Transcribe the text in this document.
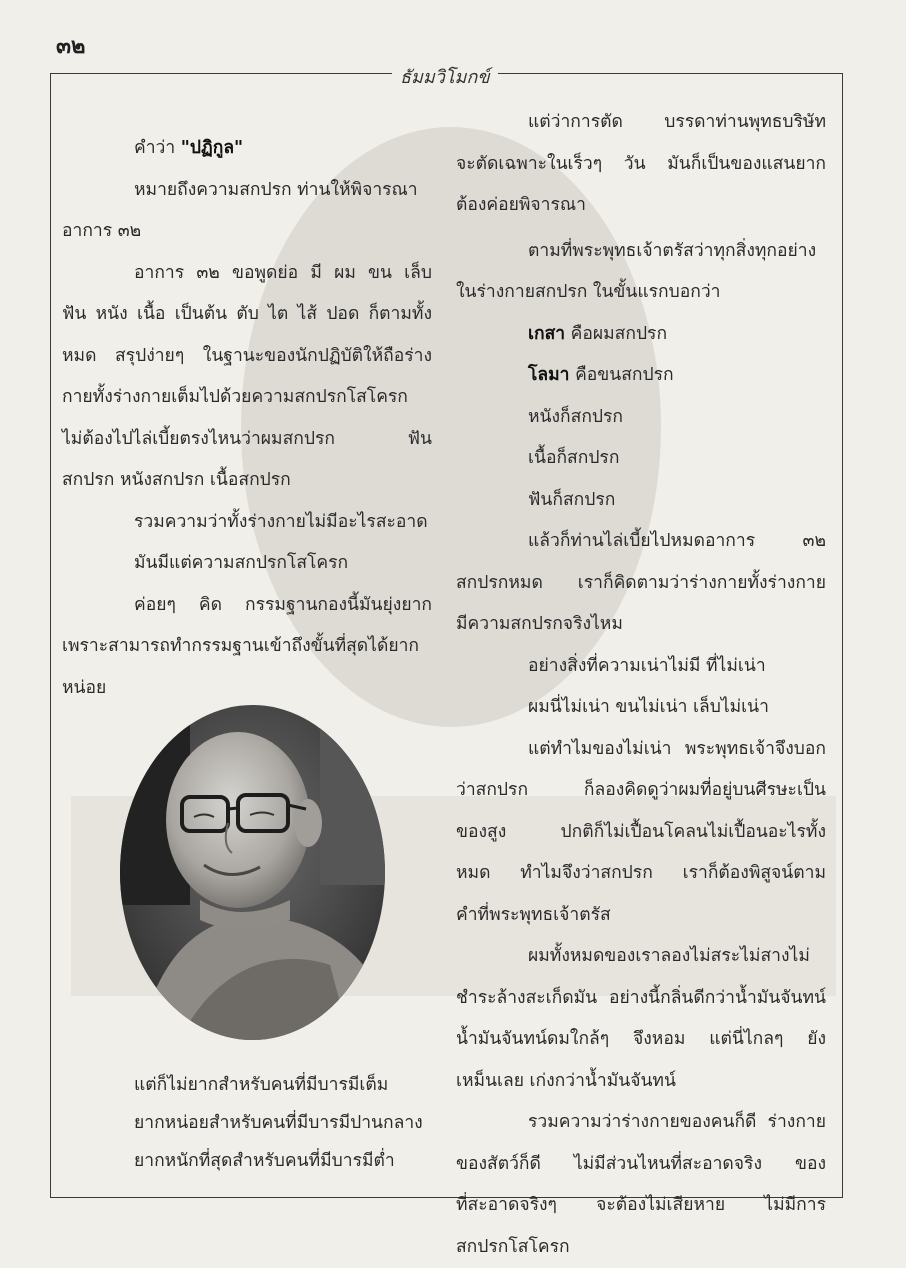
๓๒
ธัมมวิโมกข์

คำว่า "ปฏิกูล"

หมายถึงความสกปรก ท่านให้พิจารณา

อาการ ๓๒

อาการ ๓๒ ขอพูดย่อ มี ผม ขน เล็บ

ฟัน หนัง เนื้อ เป็นต้น ตับ ไต ไส้ ปอด ก็ตามทั้ง

หมด สรุปง่ายๆ ในฐานะของนักปฏิบัติให้ถือร่าง

กายทั้งร่างกายเต็มไปด้วยความสกปรกโสโครก

ไม่ต้องไปไล่เบี้ยตรงไหนว่าผมสกปรก ฟัน

สกปรก หนังสกปรก เนื้อสกปรก

รวมความว่าทั้งร่างกายไม่มีอะไรสะอาด

มันมีแต่ความสกปรกโสโครก

ค่อยๆ คิด กรรมฐานกองนี้มันยุ่งยาก

เพราะสามารถทำกรรมฐานเข้าถึงขั้นที่สุดได้ยาก

หน่อย

แต่ก็ไม่ยากสำหรับคนที่มีบารมีเต็ม

ยากหน่อยสำหรับคนที่มีบารมีปานกลาง

ยากหนักที่สุดสำหรับคนที่มีบารมีต่ำ

แต่ว่าการตัด บรรดาท่านพุทธบริษัท

จะตัดเฉพาะในเร็วๆ วัน มันก็เป็นของแสนยาก

ต้องค่อยพิจารณา

ตามที่พระพุทธเจ้าตรัสว่าทุกสิ่งทุกอย่าง

ในร่างกายสกปรก ในขั้นแรกบอกว่า

เกสา คือผมสกปรก

โลมา คือขนสกปรก

หนังก็สกปรก

เนื้อก็สกปรก

ฟันก็สกปรก

แล้วก็ท่านไล่เบี้ยไปหมดอาการ ๓๒

สกปรกหมด เราก็คิดตามว่าร่างกายทั้งร่างกาย

มีความสกปรกจริงไหม

อย่างสิ่งที่ความเน่าไม่มี ที่ไม่เน่า

ผมนี่ไม่เน่า ขนไม่เน่า เล็บไม่เน่า

แต่ทำไมของไม่เน่า พระพุทธเจ้าจึงบอก

ว่าสกปรก ก็ลองคิดดูว่าผมที่อยู่บนศีรษะเป็น

ของสูง ปกติก็ไม่เปื้อนโคลนไม่เปื้อนอะไรทั้ง

หมด ทำไมจึงว่าสกปรก เราก็ต้องพิสูจน์ตาม

คำที่พระพุทธเจ้าตรัส

ผมทั้งหมดของเราลองไม่สระไม่สางไม่

ชำระล้างสะเก็ดมัน อย่างนี้กลิ่นดีกว่าน้ำมันจันทน์

น้ำมันจันทน์ดมใกล้ๆ จึงหอม แต่นี่ไกลๆ ยัง

เหม็นเลย เก่งกว่าน้ำมันจันทน์

รวมความว่าร่างกายของคนก็ดี ร่างกาย

ของสัตว์ก็ดี ไม่มีส่วนไหนที่สะอาดจริง ของ

ที่สะอาดจริงๆ จะต้องไม่เสียหาย ไม่มีการ

สกปรกโสโครก
